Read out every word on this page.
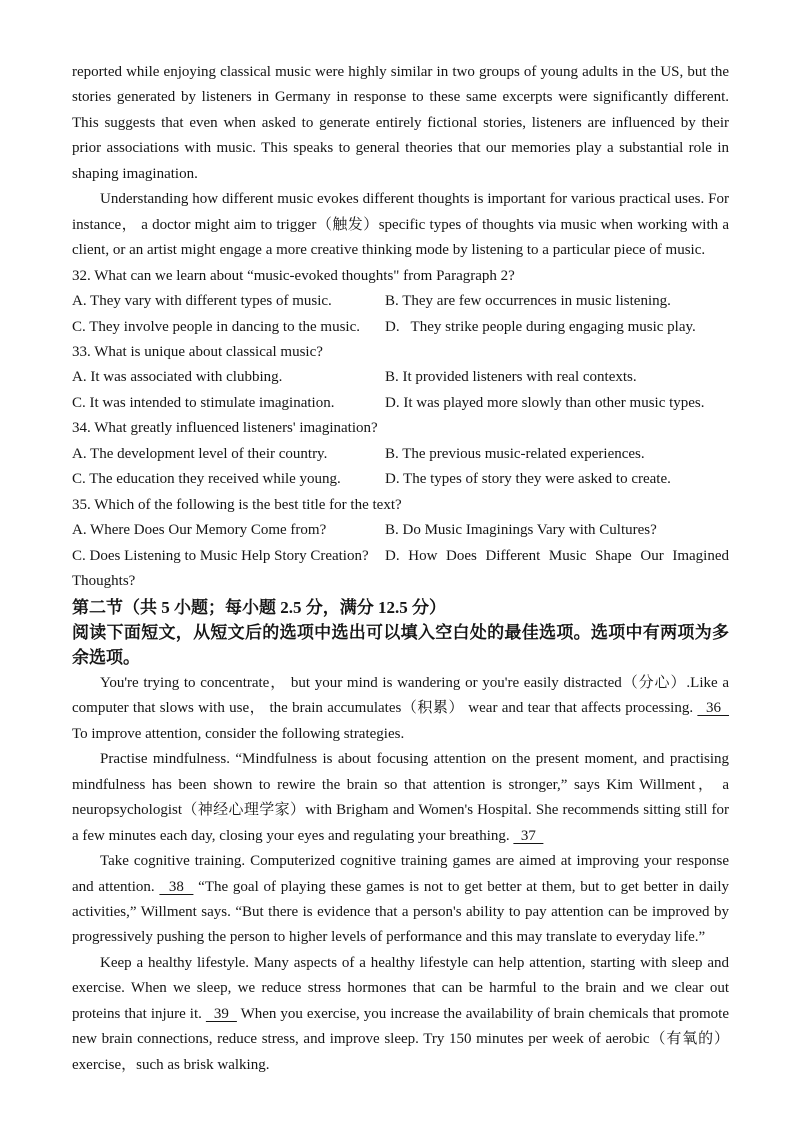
reported while enjoying classical music were highly similar in two groups of young adults in the US, but the stories generated by listeners in Germany in response to these same excerpts were significantly different. This suggests that even when asked to generate entirely fictional stories, listeners are influenced by their prior associations with music. This speaks to general theories that our memories play a substantial role in shaping imagination.

Understanding how different music evokes different thoughts is important for various practical uses. For instance， a doctor might aim to trigger（触发）specific types of thoughts via music when working with a client, or an artist might engage a more creative thinking mode by listening to a particular piece of music.

32. What can we learn about “music-evoked thoughts" from Paragraph 2?
A. They vary with different types of music.	B. They are few occurrences in music listening.
C. They involve people in dancing to the music.	D.   They strike people during engaging music play.
33. What is unique about classical music?
A. It was associated with clubbing.	B. It provided listeners with real contexts.
C. It was intended to stimulate imagination.	D. It was played more slowly than other music types.
34. What greatly influenced listeners' imagination?
A. The development level of their country.	B. The previous music-related experiences.
C. The education they received while young.	D. The types of story they were asked to create.
35. Which of the following is the best title for the text?
A. Where Does Our Memory Come from?	B. Do Music Imaginings Vary with Cultures?
C. Does Listening to Music Help Story Creation?	D. How Does Different Music Shape Our Imagined
Thoughts?
第二节（共 5 小题；每小题 2.5 分，满分 12.5 分）
阅读下面短文，从短文后的选项中选出可以填入空白处的最佳选项。选项中有两项为多余选项。

You're trying to concentrate， but your mind is wandering or you're easily distracted（分心）.Like a computer that slows with use， the brain accumulates（积累） wear and tear that affects processing.   36   To improve attention, consider the following strategies.

Practise mindfulness. “Mindfulness is about focusing attention on the present moment, and practising mindfulness has been shown to rewire the brain so that attention is stronger,” says Kim Willment， a neuropsychologist（神经心理学家）with Brigham and Women's Hospital. She recommends sitting still for a few minutes each day, closing your eyes and regulating your breathing.   37

Take cognitive training. Computerized cognitive training games are aimed at improving your response and attention.   38   “The goal of playing these games is not to get better at them, but to get better in daily activities,” Willment says. “But there is evidence that a person's ability to pay attention can be improved by progressively pushing the person to higher levels of performance and this may translate to everyday life.”

Keep a healthy lifestyle. Many aspects of a healthy lifestyle can help attention, starting with sleep and exercise. When we sleep, we reduce stress hormones that can be harmful to the brain and we clear out proteins that injure it.   39   When you exercise, you increase the availability of brain chemicals that promote new brain connections, reduce stress, and improve sleep. Try 150 minutes per week of aerobic（有氧的）exercise，such as brisk walking.
